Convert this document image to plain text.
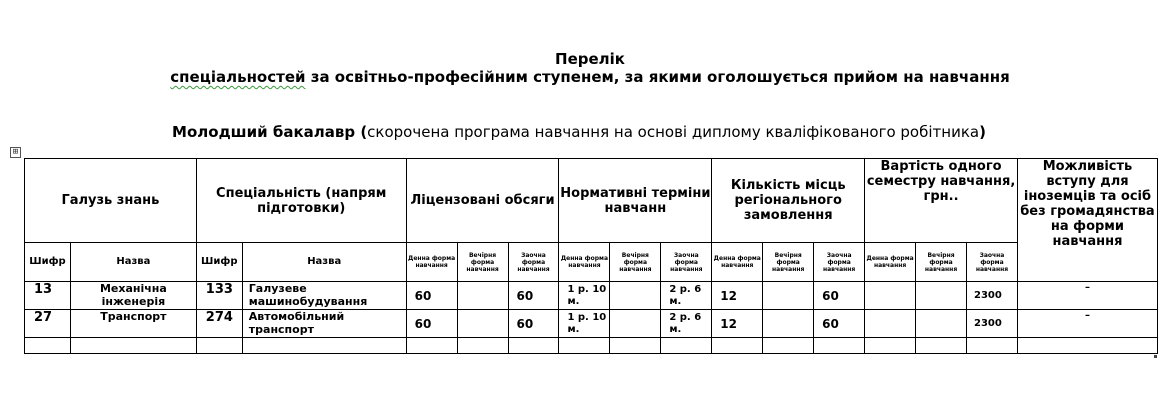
Перелік
спеціальностей за освітньо-професійним ступенем, за якими оголошується прийом на навчання
Молодший бакалавр (скорочена програма навчання на основі диплому кваліфікованого робітника)
⊞
Галузь знань		Спеціальність (напрям підготовки)		Ліцензовані обсяги			Нормативні терміни навчанн			Кількість місць регіонального замовлення			Вартість одного семестру навчання, грн..			Можливість вступу для іноземців та осіб без громадянства на форми навчання
Шифр	Назва	Шифр	Назва	Денна форма навчання	Вечірня форма навчання	Заочна форма навчання	Денна форма навчання	Вечірня форма навчання	Заочна форма навчання	Денна форма навчання	Вечірня форма навчання	Заочна форма навчання	Денна форма навчання	Вечірня форма навчання	Заочна форма навчання	
13	Механічна інженерія	133	Галузеве машинобудування	60		60	1 р. 10 м.		2 р. 6 м.	12		60			2300	–
27	Транспорт	274	Автомобільний транспорт	60		60	1 р. 10 м.		2 р. 6 м.	12		60			2300	–
